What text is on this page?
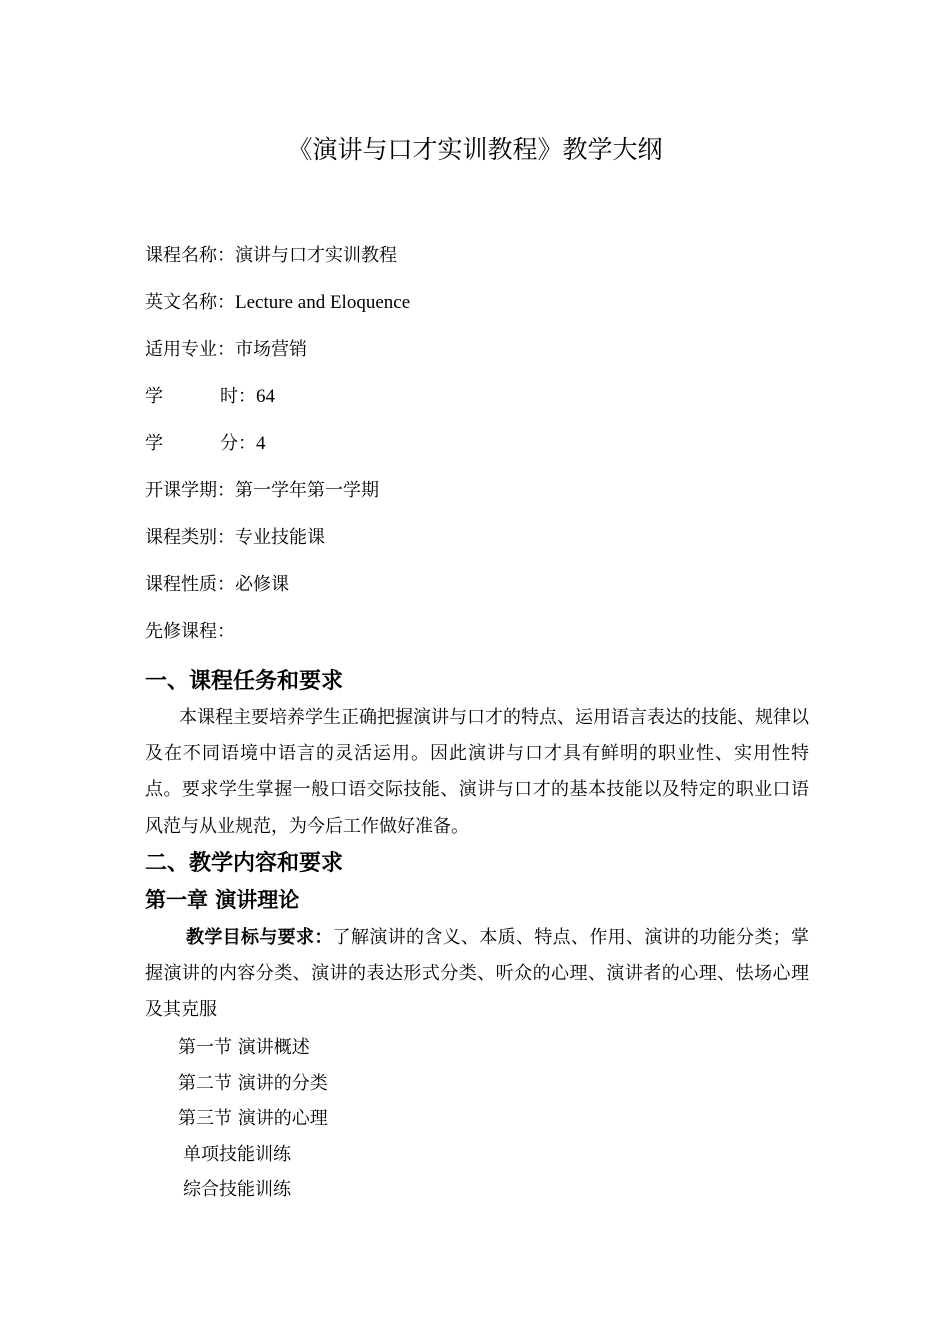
《演讲与口才实训教程》教学大纲
课程名称：演讲与口才实训教程
英文名称：Lecture and Eloquence
适用专业：市场营销
学	时：64
学	分：4
开课学期：第一学年第一学期
课程类别：专业技能课
课程性质：必修课
先修课程：
一、课程任务和要求
本课程主要培养学生正确把握演讲与口才的特点、运用语言表达的技能、规律以及在不同语境中语言的灵活运用。因此演讲与口才具有鲜明的职业性、实用性特点。要求学生掌握一般口语交际技能、演讲与口才的基本技能以及特定的职业口语风范与从业规范，为今后工作做好准备。
二、教学内容和要求
第一章 演讲理论
教学目标与要求：了解演讲的含义、本质、特点、作用、演讲的功能分类；掌握演讲的内容分类、演讲的表达形式分类、听众的心理、演讲者的心理、怯场心理及其克服
第一节 演讲概述
第二节 演讲的分类
第三节 演讲的心理
单项技能训练
综合技能训练
